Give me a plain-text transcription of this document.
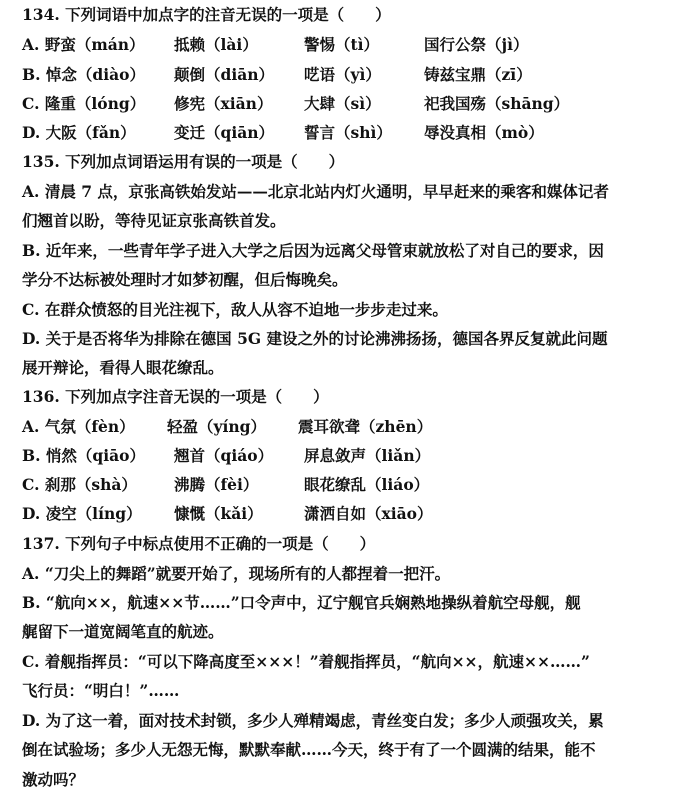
134. 下列词语中加点字的注音无误的一项是（　　）
A. 野蛮（mán） 抵赖（lài）	警惕（tì）	国行公祭（jì）
B. 悼念（diào） 颠倒（diān） 呓语（yì）	铸兹宝鼎（zī）
C. 隆重（lóng） 修宪（xiān） 大肆（sì）	祀我国殇（shāng）
D. 大阪（fǎn） 变迁（qiān） 誓言（shì） 辱没真相（mò）
135. 下列加点词语运用有误的一项是（　　）
A. 清晨 7 点，京张高铁始发站——北京北站内灯火通明，早早赶来的乘客和媒体记者
们翘首以盼，等待见证京张高铁首发。
B. 近年来，一些青年学子进入大学之后因为远离父母管束就放松了对自己的要求，因
学分不达标被处理时才如梦初醒，但后悔晚矣。
C. 在群众愤怒的目光注视下，敌人从容不迫地一步步走过来。
D. 关于是否将华为排除在德国 5G 建设之外的讨论沸沸扬扬，德国各界反复就此问题
展开辩论，看得人眼花缭乱。
136. 下列加点字注音无误的一项是（　　）
A. 气氛（fèn） 轻盈（yíng） 震耳欲聋（zhēn）
B. 悄然（qiāo） 翘首（qiáo） 屏息敛声（liǎn）
C. 刹那（shà） 沸腾（fèi）	眼花缭乱（liáo）
D. 凌空（líng） 慷慨（kǎi）	潇洒自如（xiāo）
137. 下列句子中标点使用不正确的一项是（　　）
A. “刀尖上的舞蹈”就要开始了，现场所有的人都捏着一把汗。
B. “航向××，航速××节……”口令声中，辽宁舰官兵娴熟地操纵着航空母舰，舰
艉留下一道宽阔笔直的航迹。
C. 着舰指挥员：“可以下降高度至×××！”着舰指挥员，“航向××，航速××……”
飞行员：“明白！”……
D. 为了这一着，面对技术封锁，多少人殚精竭虑，青丝变白发；多少人顽强攻关，累
倒在试验场；多少人无怨无悔，默默奉献……今天，终于有了一个圆满的结果，能不
激动吗？
